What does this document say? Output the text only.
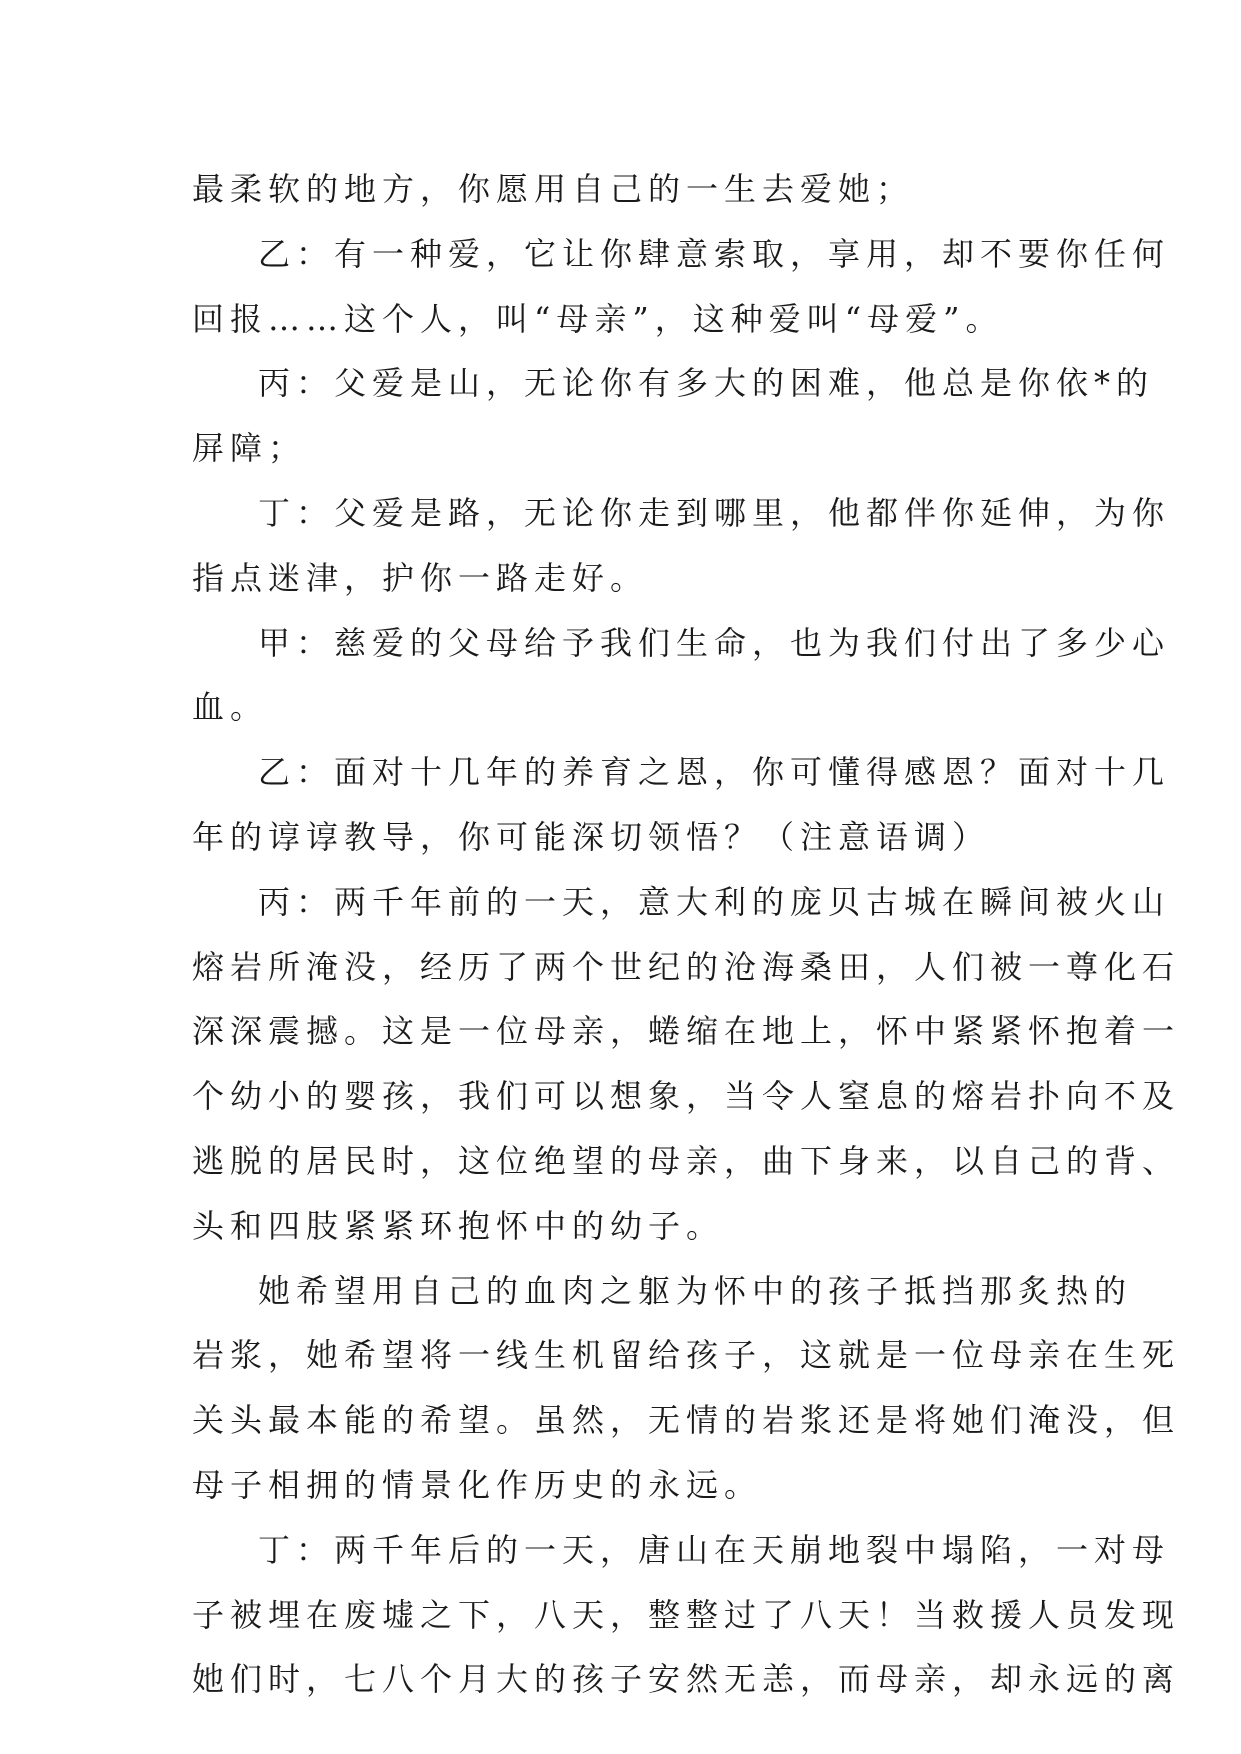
最柔软的地方，你愿用自己的一生去爱她；
乙：有一种爱，它让你肆意索取，享用，却不要你任何
回报……这个人，叫“母亲”，这种爱叫“母爱”。
丙：父爱是山，无论你有多大的困难，他总是你依*的
屏障；
丁：父爱是路，无论你走到哪里，他都伴你延伸，为你
指点迷津，护你一路走好。
甲：慈爱的父母给予我们生命，也为我们付出了多少心
血。
乙：面对十几年的养育之恩，你可懂得感恩？面对十几
年的谆谆教导，你可能深切领悟？（注意语调）
丙：两千年前的一天，意大利的庞贝古城在瞬间被火山
熔岩所淹没，经历了两个世纪的沧海桑田，人们被一尊化石
深深震撼。这是一位母亲，蜷缩在地上，怀中紧紧怀抱着一
个幼小的婴孩，我们可以想象，当令人窒息的熔岩扑向不及
逃脱的居民时，这位绝望的母亲，曲下身来，以自己的背、
头和四肢紧紧环抱怀中的幼子。
她希望用自己的血肉之躯为怀中的孩子抵挡那炙热的
岩浆，她希望将一线生机留给孩子，这就是一位母亲在生死
关头最本能的希望。虽然，无情的岩浆还是将她们淹没，但
母子相拥的情景化作历史的永远。
丁：两千年后的一天，唐山在天崩地裂中塌陷，一对母
子被埋在废墟之下，八天，整整过了八天！当救援人员发现
她们时，七八个月大的孩子安然无恙，而母亲，却永远的离
